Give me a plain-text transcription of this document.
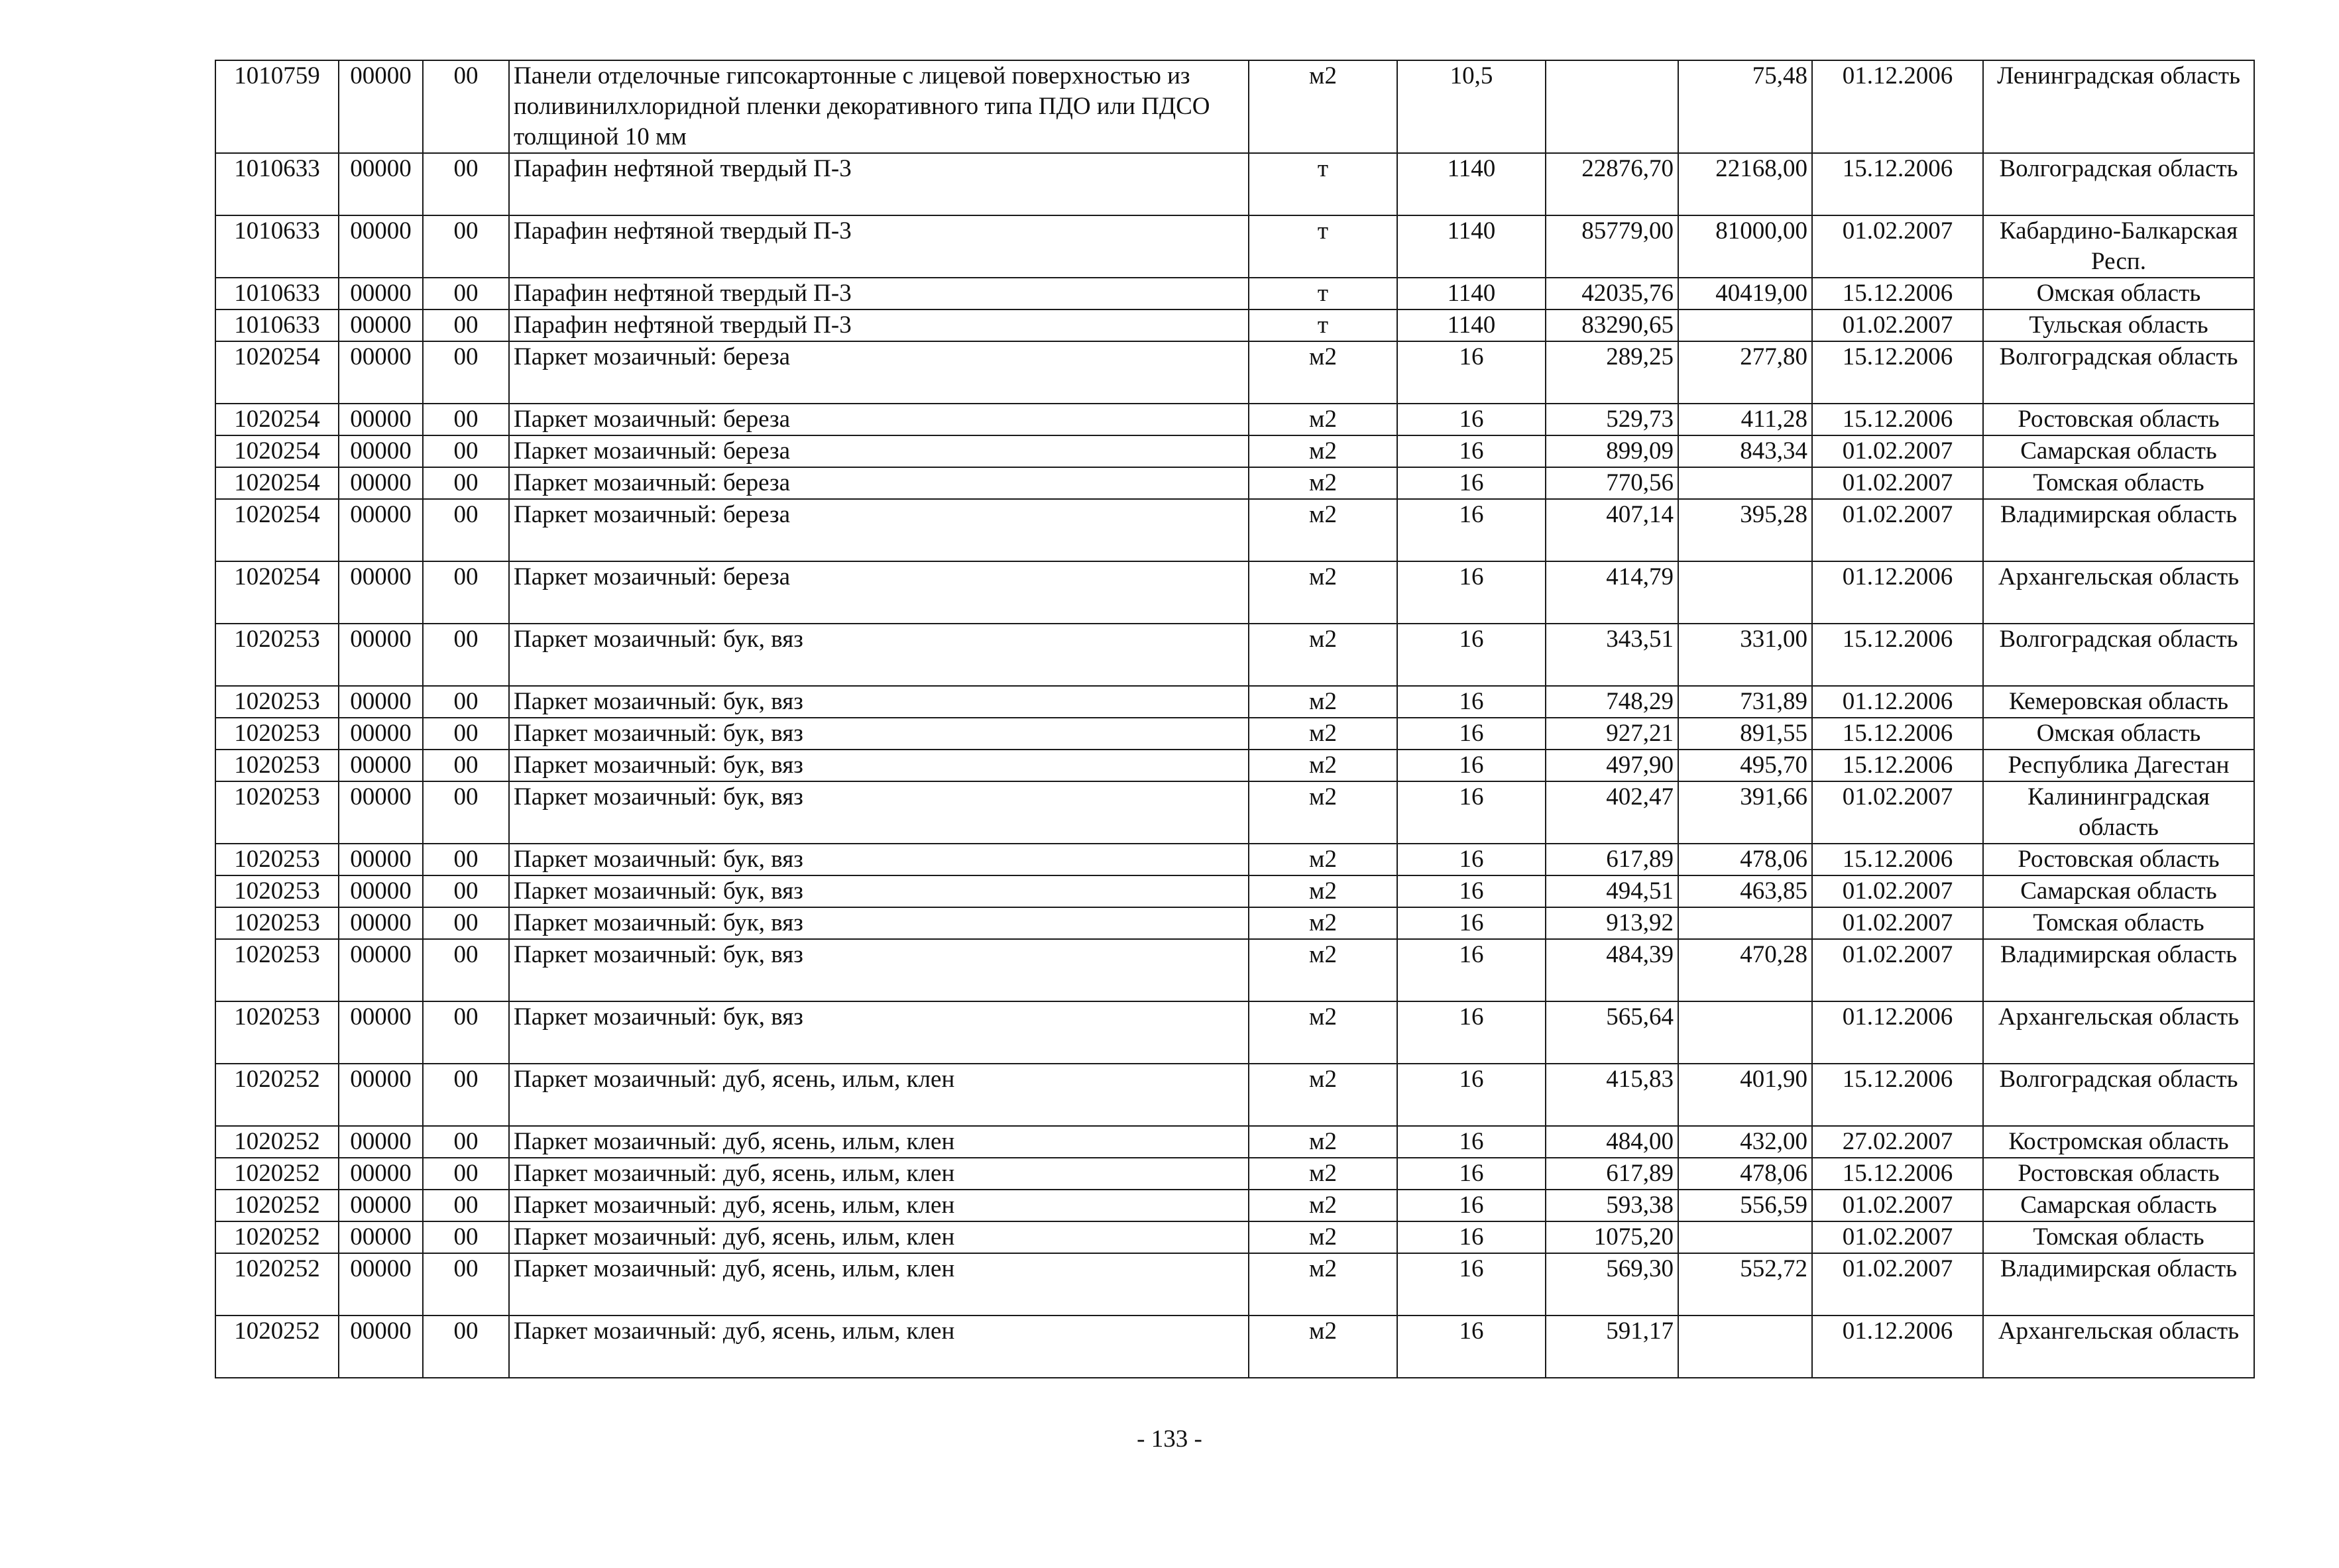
1010759	00000	00	Панели отделочные гипсокартонные с лицевой поверхностью из поливинилхлоридной пленки декоративного типа ПДО или ПДСО толщиной 10 мм	м2	10,5		75,48	01.12.2006	Ленинградская область
1010633	00000	00	Парафин нефтяной твердый П-3	т	1140	22876,70	22168,00	15.12.2006	Волгоградская область
1010633	00000	00	Парафин нефтяной твердый П-3	т	1140	85779,00	81000,00	01.02.2007	Кабардино-Балкарская Респ.
1010633	00000	00	Парафин нефтяной твердый П-3	т	1140	42035,76	40419,00	15.12.2006	Омская область
1010633	00000	00	Парафин нефтяной твердый П-3	т	1140	83290,65		01.02.2007	Тульская область
1020254	00000	00	Паркет мозаичный: береза	м2	16	289,25	277,80	15.12.2006	Волгоградская область
1020254	00000	00	Паркет мозаичный: береза	м2	16	529,73	411,28	15.12.2006	Ростовская область
1020254	00000	00	Паркет мозаичный: береза	м2	16	899,09	843,34	01.02.2007	Самарская область
1020254	00000	00	Паркет мозаичный: береза	м2	16	770,56		01.02.2007	Томская область
1020254	00000	00	Паркет мозаичный: береза	м2	16	407,14	395,28	01.02.2007	Владимирская область
1020254	00000	00	Паркет мозаичный: береза	м2	16	414,79		01.12.2006	Архангельская область
1020253	00000	00	Паркет мозаичный: бук, вяз	м2	16	343,51	331,00	15.12.2006	Волгоградская область
1020253	00000	00	Паркет мозаичный: бук, вяз	м2	16	748,29	731,89	01.12.2006	Кемеровская область
1020253	00000	00	Паркет мозаичный: бук, вяз	м2	16	927,21	891,55	15.12.2006	Омская область
1020253	00000	00	Паркет мозаичный: бук, вяз	м2	16	497,90	495,70	15.12.2006	Республика Дагестан
1020253	00000	00	Паркет мозаичный: бук, вяз	м2	16	402,47	391,66	01.02.2007	Калининградская область
1020253	00000	00	Паркет мозаичный: бук, вяз	м2	16	617,89	478,06	15.12.2006	Ростовская область
1020253	00000	00	Паркет мозаичный: бук, вяз	м2	16	494,51	463,85	01.02.2007	Самарская область
1020253	00000	00	Паркет мозаичный: бук, вяз	м2	16	913,92		01.02.2007	Томская область
1020253	00000	00	Паркет мозаичный: бук, вяз	м2	16	484,39	470,28	01.02.2007	Владимирская область
1020253	00000	00	Паркет мозаичный: бук, вяз	м2	16	565,64		01.12.2006	Архангельская область
1020252	00000	00	Паркет мозаичный: дуб, ясень, ильм, клен	м2	16	415,83	401,90	15.12.2006	Волгоградская область
1020252	00000	00	Паркет мозаичный: дуб, ясень, ильм, клен	м2	16	484,00	432,00	27.02.2007	Костромская область
1020252	00000	00	Паркет мозаичный: дуб, ясень, ильм, клен	м2	16	617,89	478,06	15.12.2006	Ростовская область
1020252	00000	00	Паркет мозаичный: дуб, ясень, ильм, клен	м2	16	593,38	556,59	01.02.2007	Самарская область
1020252	00000	00	Паркет мозаичный: дуб, ясень, ильм, клен	м2	16	1075,20		01.02.2007	Томская область
1020252	00000	00	Паркет мозаичный: дуб, ясень, ильм, клен	м2	16	569,30	552,72	01.02.2007	Владимирская область
1020252	00000	00	Паркет мозаичный: дуб, ясень, ильм, клен	м2	16	591,17		01.12.2006	Архангельская область
- 133 -
